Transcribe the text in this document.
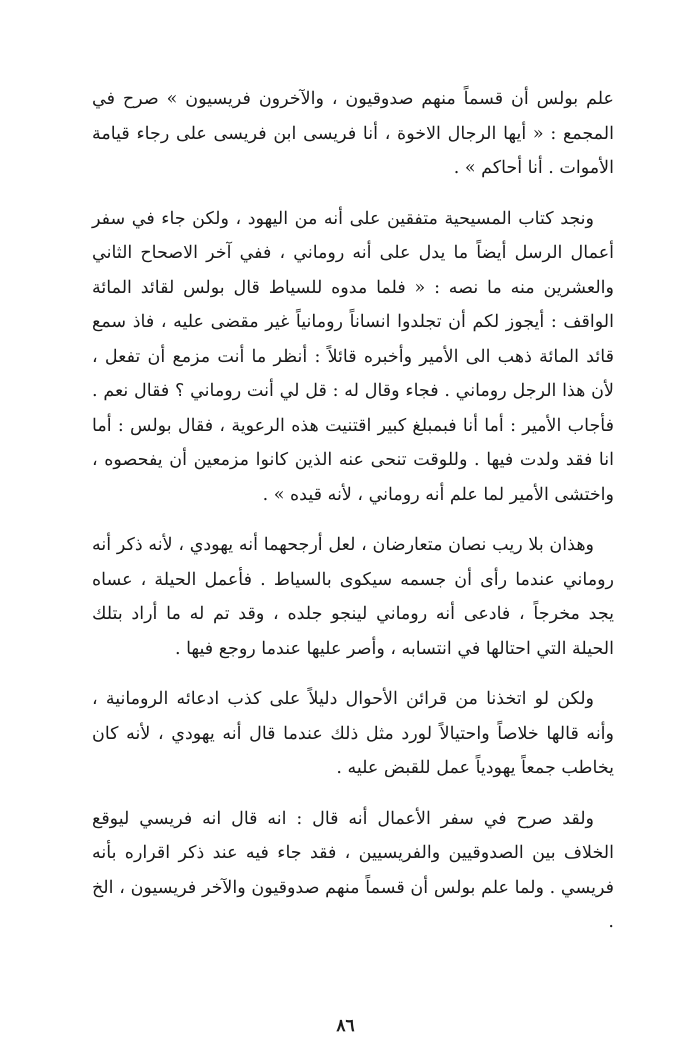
علم بولس أن قسماً منهم صدوقيون ، والآخرون فريسيون » صرح في المجمع : « أيها الرجال الاخوة ، أنا فريسى ابن فريسى على رجاء قيامة الأموات . أنا أحاكم » .

ونجد كتاب المسيحية متفقين على أنه من اليهود ، ولكن جاء في سفر أعمال الرسل أيضاً ما يدل على أنه روماني ، ففي آخر الاصحاح الثاني والعشرين منه ما نصه : « فلما مدوه للسياط قال بولس لقائد المائة الواقف : أيجوز لكم أن تجلدوا انساناً رومانياً غير مقضى عليه ، فاذ سمع قائد المائة ذهب الى الأمير وأخبره قائلاً : أنظر ما أنت مزمع أن تفعل ، لأن هذا الرجل روماني . فجاء وقال له : قل لي أنت روماني ؟ فقال نعم . فأجاب الأمير : أما أنا فبمبلغ كبير اقتنيت هذه الرعوية ، فقال بولس : أما انا فقد ولدت فيها . وللوقت تنحى عنه الذين كانوا مزمعين أن يفحصوه ، واختشى الأمير لما علم أنه روماني ، لأنه قيده » .

وهذان بلا ريب نصان متعارضان ، لعل أرجحهما أنه يهودي ، لأنه ذكر أنه روماني عندما رأى أن جسمه سيكوى بالسياط . فأعمل الحيلة ، عساه يجد مخرجاً ، فادعى أنه روماني لينجو جلده ، وقد تم له ما أراد بتلك الحيلة التي احتالها في انتسابه ، وأصر عليها عندما روجع فيها .

ولكن لو اتخذنا من قرائن الأحوال دليلاً على كذب ادعائه الرومانية ، وأنه قالها خلاصاً واحتيالاً لورد مثل ذلك عندما قال أنه يهودي ، لأنه كان يخاطب جمعاً يهودياً عمل للقبض عليه .

ولقد صرح في سفر الأعمال أنه قال : انه قال انه فريسي ليوقع الخلاف بين الصدوقيين والفريسيين ، فقد جاء فيه عند ذكر اقراره بأنه فريسي . ولما علم بولس أن قسماً منهم صدوقيون والآخر فريسيون ، الخ .

٨٦
